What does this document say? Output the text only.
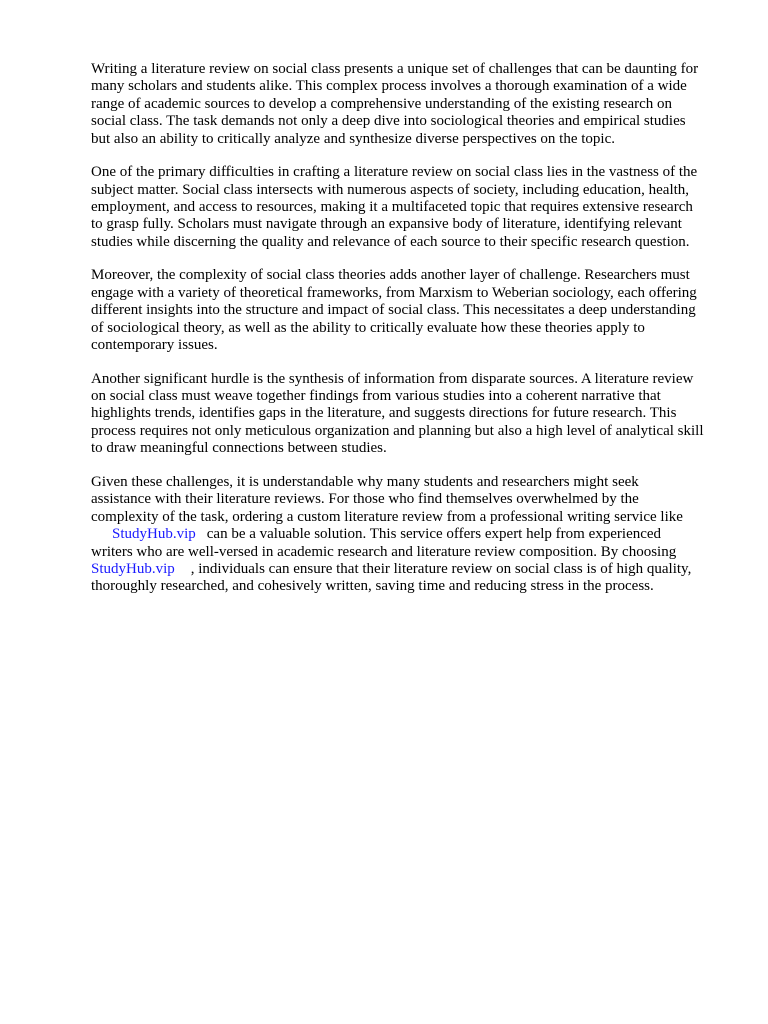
Writing a literature review on social class presents a unique set of challenges that can be daunting for
many scholars and students alike. This complex process involves a thorough examination of a wide
range of academic sources to develop a comprehensive understanding of the existing research on
social class. The task demands not only a deep dive into sociological theories and empirical studies
but also an ability to critically analyze and synthesize diverse perspectives on the topic.

One of the primary difficulties in crafting a literature review on social class lies in the vastness of the
subject matter. Social class intersects with numerous aspects of society, including education, health,
employment, and access to resources, making it a multifaceted topic that requires extensive research
to grasp fully. Scholars must navigate through an expansive body of literature, identifying relevant
studies while discerning the quality and relevance of each source to their specific research question.

Moreover, the complexity of social class theories adds another layer of challenge. Researchers must
engage with a variety of theoretical frameworks, from Marxism to Weberian sociology, each offering
different insights into the structure and impact of social class. This necessitates a deep understanding
of sociological theory, as well as the ability to critically evaluate how these theories apply to
contemporary issues.

Another significant hurdle is the synthesis of information from disparate sources. A literature review
on social class must weave together findings from various studies into a coherent narrative that
highlights trends, identifies gaps in the literature, and suggests directions for future research. This
process requires not only meticulous organization and planning but also a high level of analytical skill
to draw meaningful connections between studies.

Given these challenges, it is understandable why many students and researchers might seek
assistance with their literature reviews. For those who find themselves overwhelmed by the
complexity of the task, ordering a custom literature review from a professional writing service like
StudyHub.vip can be a valuable solution. This service offers expert help from experienced
writers who are well-versed in academic research and literature review composition. By choosing
StudyHub.vip , individuals can ensure that their literature review on social class is of high quality,
thoroughly researched, and cohesively written, saving time and reducing stress in the process.
